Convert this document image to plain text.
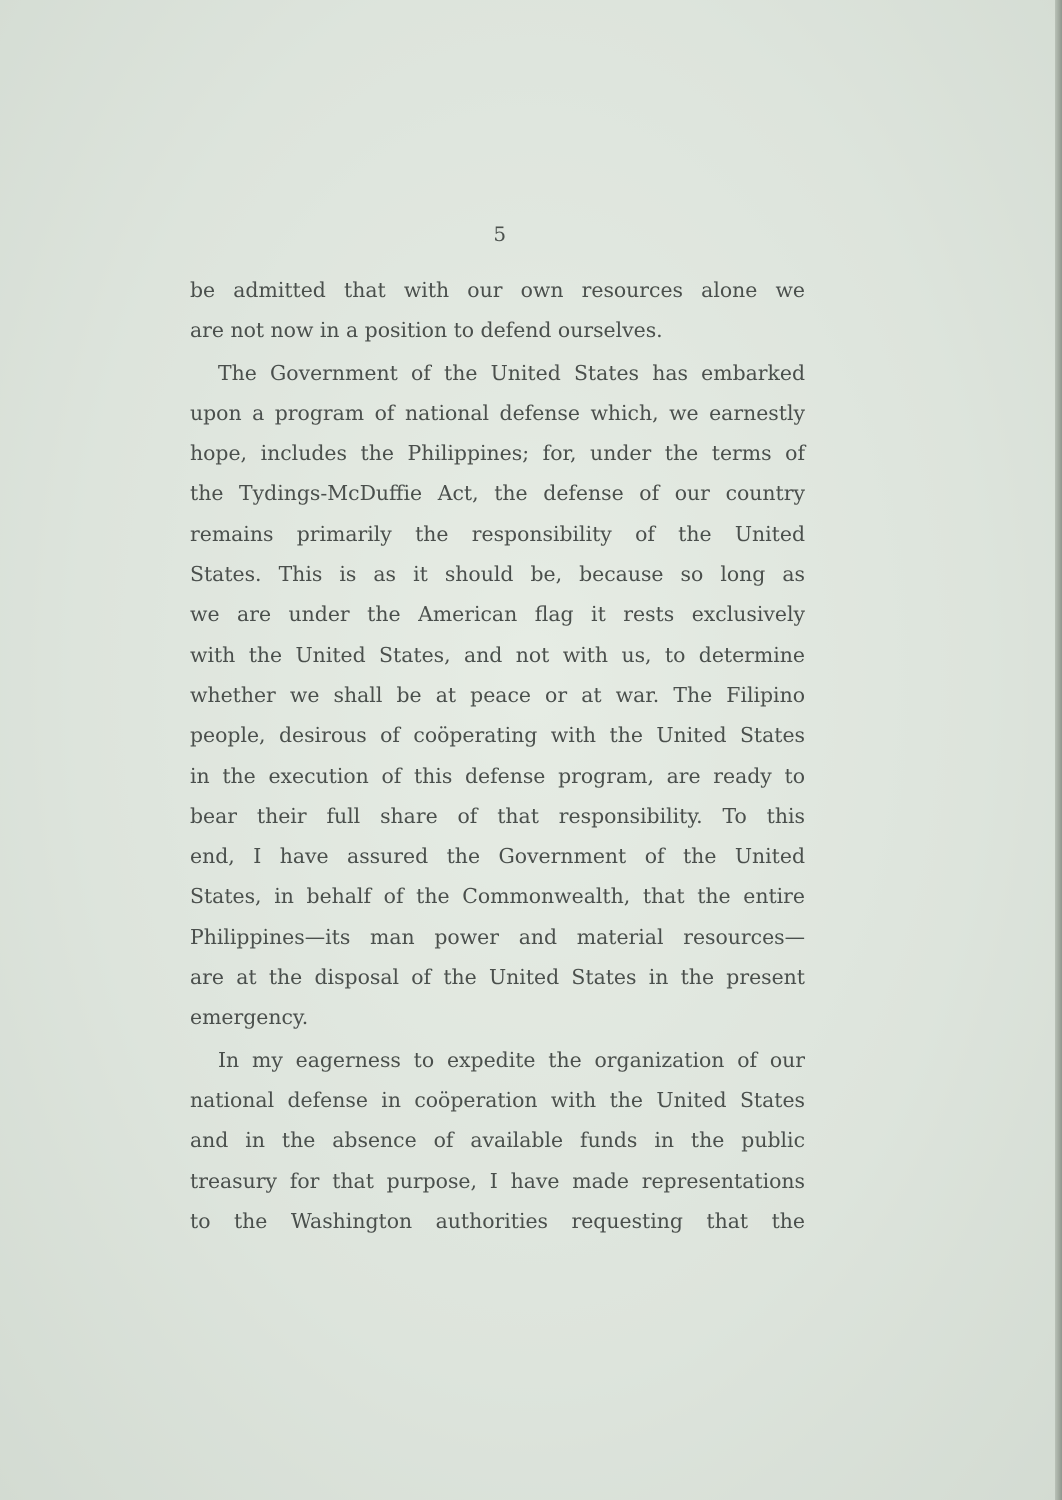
5

be admitted that with our own resources alone we
are not now in a position to defend ourselves.

The Government of the United States has embarked
upon a program of national defense which, we earnestly
hope, includes the Philippines; for, under the terms of
the Tydings-McDuffie Act, the defense of our country
remains primarily the responsibility of the United
States. This is as it should be, because so long as
we are under the American flag it rests exclusively
with the United States, and not with us, to determine
whether we shall be at peace or at war. The Filipino
people, desirous of coöperating with the United States
in the execution of this defense program, are ready to
bear their full share of that responsibility. To this
end, I have assured the Government of the United
States, in behalf of the Commonwealth, that the entire
Philippines—its man power and material resources—
are at the disposal of the United States in the present
emergency.

In my eagerness to expedite the organization of our
national defense in coöperation with the United States
and in the absence of available funds in the public
treasury for that purpose, I have made representations
to the Washington authorities requesting that the
